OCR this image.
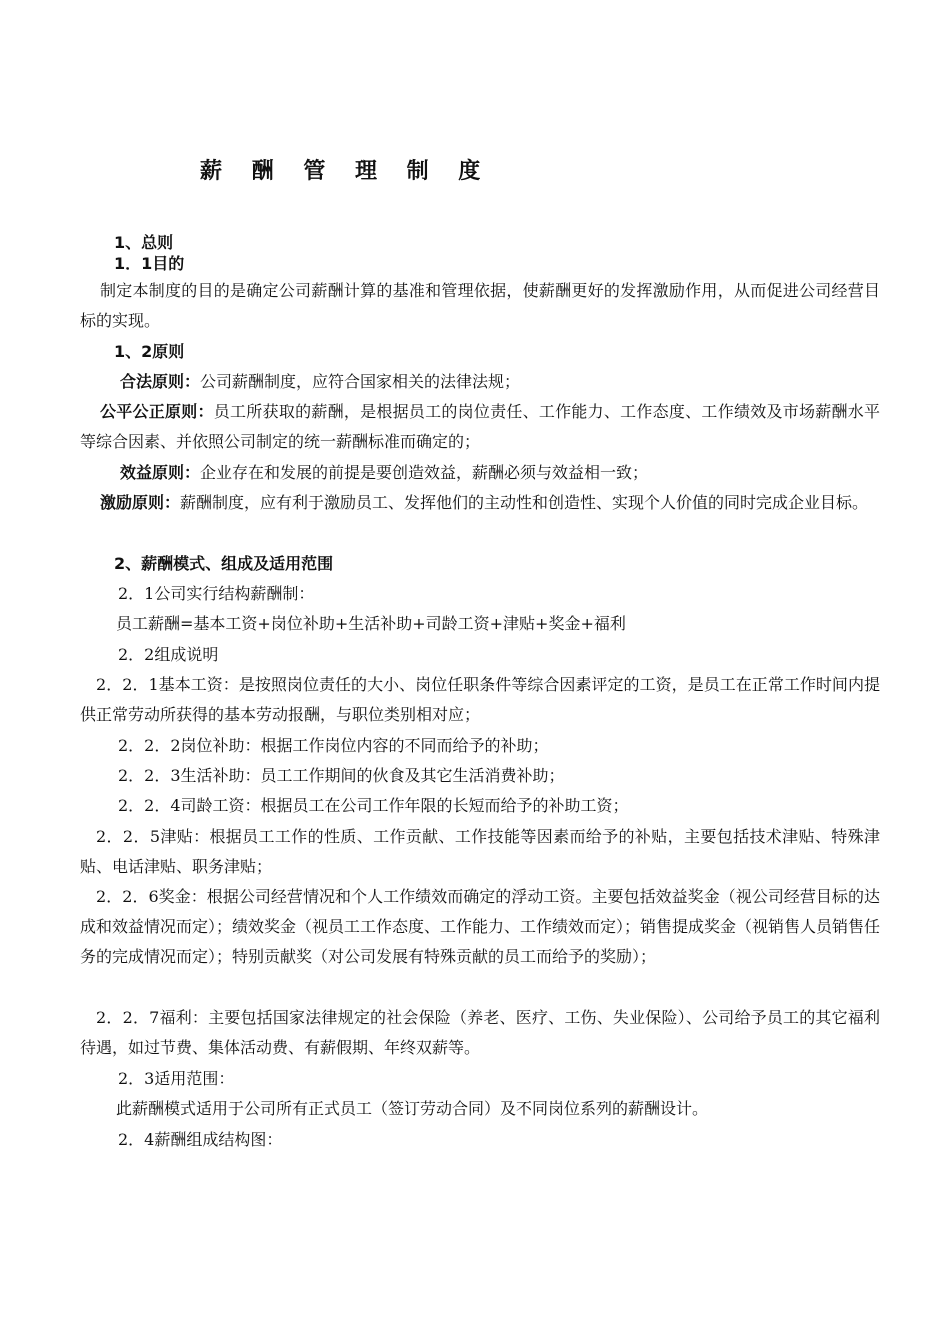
薪 酬 管 理 制 度

1、总则

1．1目的

制定本制度的目的是确定公司薪酬计算的基准和管理依据，使薪酬更好的发挥激励作用，从而促进公司经营目标的实现。

1、2原则

合法原则：公司薪酬制度，应符合国家相关的法律法规；

公平公正原则：员工所获取的薪酬，是根据员工的岗位责任、工作能力、工作态度、工作绩效及市场薪酬水平等综合因素、并依照公司制定的统一薪酬标准而确定的；

效益原则：企业存在和发展的前提是要创造效益，薪酬必须与效益相一致；

激励原则：薪酬制度，应有利于激励员工、发挥他们的主动性和创造性、实现个人价值的同时完成企业目标。

2、薪酬模式、组成及适用范围

2．1公司实行结构薪酬制：

员工薪酬=基本工资+岗位补助+生活补助+司龄工资+津贴+奖金+福利

2．2组成说明

2．2．1基本工资：是按照岗位责任的大小、岗位任职条件等综合因素评定的工资，是员工在正常工作时间内提供正常劳动所获得的基本劳动报酬，与职位类别相对应；

2．2．2岗位补助：根据工作岗位内容的不同而给予的补助；

2．2．3生活补助：员工工作期间的伙食及其它生活消费补助；

2．2．4司龄工资：根据员工在公司工作年限的长短而给予的补助工资；

2．2．5津贴：根据员工工作的性质、工作贡献、工作技能等因素而给予的补贴，主要包括技术津贴、特殊津贴、电话津贴、职务津贴；

2．2．6奖金：根据公司经营情况和个人工作绩效而确定的浮动工资。主要包括效益奖金（视公司经营目标的达成和效益情况而定）；绩效奖金（视员工工作态度、工作能力、工作绩效而定）；销售提成奖金（视销售人员销售任务的完成情况而定）；特别贡献奖（对公司发展有特殊贡献的员工而给予的奖励）；

2．2．7福利：主要包括国家法律规定的社会保险（养老、医疗、工伤、失业保险）、公司给予员工的其它福利待遇，如过节费、集体活动费、有薪假期、年终双薪等。

2．3适用范围：

此薪酬模式适用于公司所有正式员工（签订劳动合同）及不同岗位系列的薪酬设计。

2．4薪酬组成结构图：
